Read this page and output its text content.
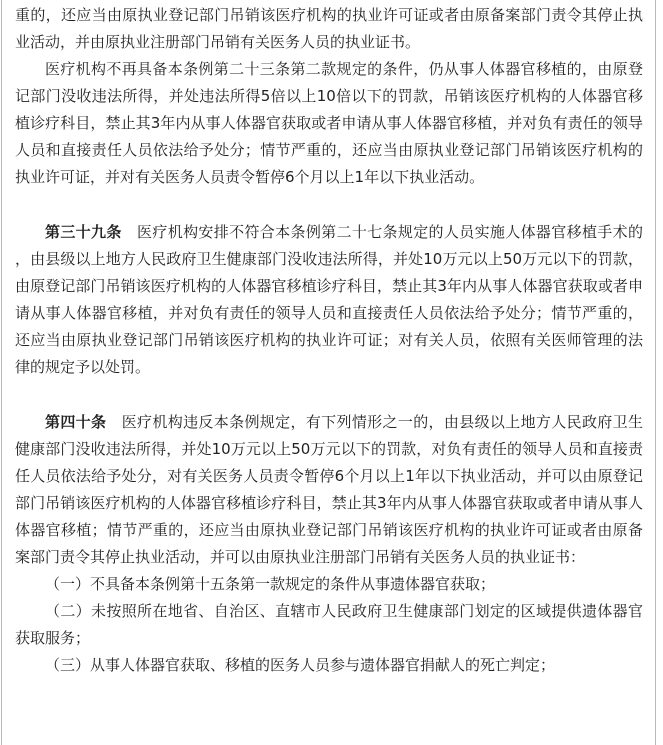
重的，还应当由原执业登记部门吊销该医疗机构的执业许可证或者由原备案部门责令其停止执业活动，并由原执业注册部门吊销有关医务人员的执业证书。

医疗机构不再具备本条例第二十三条第二款规定的条件，仍从事人体器官移植的，由原登记部门没收违法所得，并处违法所得5倍以上10倍以下的罚款，吊销该医疗机构的人体器官移植诊疗科目，禁止其3年内从事人体器官获取或者申请从事人体器官移植，并对负有责任的领导人员和直接责任人员依法给予处分；情节严重的，还应当由原执业登记部门吊销该医疗机构的执业许可证，并对有关医务人员责令暂停6个月以上1年以下执业活动。

第三十九条  医疗机构安排不符合本条例第二十七条规定的人员实施人体器官移植手术的，由县级以上地方人民政府卫生健康部门没收违法所得，并处10万元以上50万元以下的罚款，由原登记部门吊销该医疗机构的人体器官移植诊疗科目，禁止其3年内从事人体器官获取或者申请从事人体器官移植，并对负有责任的领导人员和直接责任人员依法给予处分；情节严重的，还应当由原执业登记部门吊销该医疗机构的执业许可证；对有关人员，依照有关医师管理的法律的规定予以处罚。

第四十条  医疗机构违反本条例规定，有下列情形之一的，由县级以上地方人民政府卫生健康部门没收违法所得，并处10万元以上50万元以下的罚款，对负有责任的领导人员和直接责任人员依法给予处分，对有关医务人员责令暂停6个月以上1年以下执业活动，并可以由原登记部门吊销该医疗机构的人体器官移植诊疗科目，禁止其3年内从事人体器官获取或者申请从事人体器官移植；情节严重的，还应当由原执业登记部门吊销该医疗机构的执业许可证或者由原备案部门责令其停止执业活动，并可以由原执业注册部门吊销有关医务人员的执业证书：

（一）不具备本条例第十五条第一款规定的条件从事遗体器官获取；

（二）未按照所在地省、自治区、直辖市人民政府卫生健康部门划定的区域提供遗体器官获取服务；

（三）从事人体器官获取、移植的医务人员参与遗体器官捐献人的死亡判定；
